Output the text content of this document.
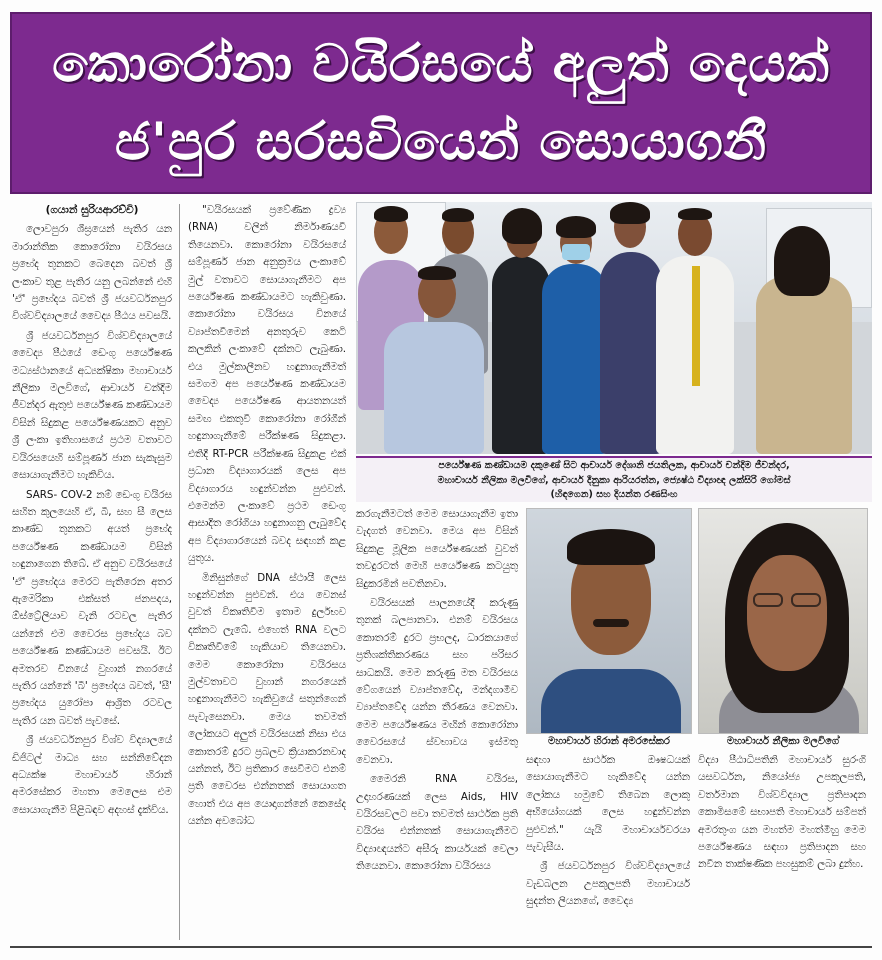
කොරෝනා වයිරසයේ අලුත් දෙයක්
ජ'පුර සරසවියෙන් සොයාගනී
(ගයාන් සුරියආරච්චි)

ලොවපුරා ශීඝ්‍රයෙන් පැතිර යන මාරාන්තික කොරෝනා වයිරසය ප්‍රභේද තුනකට බෙදෙන බවත් ශ්‍රී ලංකාව තුළ පැතිර යනු ලබන්නේ එහි 'ඒ' ප්‍රභේදය බවත් ශ්‍රී ජයවර්ධනපුර විශ්වවිද්‍යාලයේ වෛද්‍ය පීඨය පවසයි.

ශ්‍රී ජයවර්ධනපුර විශ්වවිද්‍යාලයේ වෛද්‍ය පීඨයේ ඩෙංගු පර්යේෂණ මධ්‍යස්ථානයේ අධ්‍යක්ෂිකා මහාචාර්ය නීලිකා මලවිගේ, ආචාර්ය චන්දිම ජීවන්දර ඇතුළු පර්යේෂණ කණ්ඩායම විසින් සිදුකළ පර්යේෂණයකට අනුව ශ්‍රී ලංකා ඉතිහාසයේ ප්‍රථම වතාවට වයිරසයෙහි සම්පූර්ණ ජාන සැකැසුම සොයාගැනීමට හැකිවිය.

SARS- COV-2 නම් ඩෙංගු වයිරස සහිත කුලයෙහි ඒ, බී, සහ සී ලෙස කාණ්ඩ තුනකට අයත් ප්‍රභේද පර්යේෂණ කණ්ඩායම විසින් හඳුනාගෙන තිබේ. ඒ අනුව වයිරසයේ 'ඒ' ප්‍රභේදය මෙරට පැතිරෙන අතර ඇමෙරිකා එක්සත් ජනපදය, ඕස්ට්‍රේලියාව වැනි රටවල පැතිර යන්නේ එම වෛරස ප්‍රභේදය බව පර්යේෂණ කණ්ඩායම පවසයි. ඊට අමතරව චීනයේ වුහාන් නගරයේ පැතිර යන්නේ 'බී' ප්‍රභේදය බවත්, 'සී' ප්‍රභේදය යුරෝපා ආශ්‍රිත රටවල පැතිර යන බවත් පැවසේ.

ශ්‍රී ජයවර්ධනපුර විශ්ව විද්‍යාලයේ ඩිජිටල් මාධ්‍ය සහ සන්නිවේදන අධ්‍යක්ෂ මහාචාර්ය හිරාන් අමරසේකර මහතා මෙලෙස එම සොයාගැනීම පිළිබඳව අදහස් දැක්විය.

"වයිරසයක් ප්‍රවේණික ද්‍රව්‍ය (RNA) වලින් නිර්මාණයවී තියෙනවා. කොරෝනා වයිරසයේ සම්පූර්ණ ජාන අනුක්‍රමය ලංකාවේ මුල් වතාවට සොයාගැනීමට අප පර්යේෂණ කණ්ඩායමට හැකිවුණා. කොරෝනා වයිරසය විනයේ ව්‍යාප්තවීමෙන් අනතුරුව කෙටි කලකින් ලංකාවේ දක්නට ලැබුණා. එය මුල්කාලීනව හඳුනාගැනීමත් සමගම අප පර්යේෂණ කණ්ඩායම වෛද්‍ය පර්යේෂණ ආයතනයත් සමඟ එකතුවී කොරෝනා රෝගීන් හඳුනාගැනීමේ පරීක්ෂණ සිදුකළා. එතිදී RT-PCR පරීක්ෂණ සිදුකළ එක් ප්‍රධාන විද්‍යාගාරයක් ලෙස අප විද්‍යාගාරය හඳුන්වන්න පුළුවන්. එමෙන්ම ලංකාවේ ප්‍රථම ඩෙංගු ආසාදිත රෝගියා හඳුනාගනු ලැබුවේද අප විද්‍යාගාරයෙන් බවද සඳහන් කළ යුතුය.

මිනිසුන්ගේ DNA ස්ථායී ලෙස හඳුන්වන්න පුළුවන්. එය වෙනස් වුවත් විකෘතිවීම ඉතාම දුර්ලභව දක්නට ලැබේ. එහෙත් RNA වලට විකෘතිවීමේ හැකියාව තියෙනවා. මෙම කොරෝනා වයිරසය මුල්වතාවට වුහාන් නගරයෙන් හඳුනාගැනීමට හැකිවුයේ සතුන්ගෙන් පැවැසෙනවා. මෙය තවමත් ලෝකයට අලුත් වයිරසයක් නිසා එය කොතරම් දුරට ප්‍රබලව ක්‍රියාකරනවාද යන්නත්, ඊට ප්‍රතිකාර සෙවීමට එනම් ප්‍රති වෛරස එන්නතක් සොයාගත හොත් එය අප යොදාගන්නේ කෙසේද යන්න අවබෝධ

පර්යේෂණ කණ්ඩායම දකුණේ සිට ආචාර්ය දේශානි ජයතිලක, ආචාර්ය චන්දිම ජීවන්දර,
මහාචාර්ය නීලිකා මලවිගේ, ආචාර්ය දීනුකා ආරියරත්න, ජ්‍යෙෂ්ඨ විද්‍යාඥ ලක්සිරි ගෝමස්
(හිඳගෙන) සහ දියන්ත රණසිංහ

කරගැනීමටත් මෙම සොයාගැනීම ඉතා වැදගත් වෙනවා. මෙය අප විසින් සිදුකළ මූලික පර්යේෂණයක් වුවත් තවදුරටත් මෙහි පර්යේෂණ කටයුතු සිදුකරමින් පවතිනවා.

වයිරසයක් පාලනයේදී කරුණු තුනක් බලපානවා. එනම් වයිරසය කොතරම් දුරට ප්‍රභලද, ධාරකයාගේ ප්‍රතිශක්තිකරණය සහ පරිසර සාධකයි. මෙම කරුණු මත වයිරසය වේගයෙන් ව්‍යාප්තවේද, මන්දගාමීව ව්‍යාප්තවේද යන්න තීරණය වෙනවා. මෙම පර්යේෂණය මඟින් කොරෝනා වෛරසයේ ස්වභාවය ඉස්මතු වෙනවා.

මෛරනි RNA වයිරස, උදාහරණයක් ලෙස Aids, HIV වයිරසවලට පවා තවමත් සාර්ථක ප්‍රති වයිරස එන්නතක් සොයාගැනීමට විද්‍යාඥයන්ට අසීරු කාර්යයක් වෙලා තියෙනවා. කොරෝනා වයිරසය

මහාචාර්ය හිරාන් අමරසේකර	මහාචාර්ය නීලිකා මලවිගේ

සඳහා සාර්ථක ඖෂධයක් සොයාගැනීමට හැකිවේද යන්න ලෝකය හමුවේ තිබෙන ලොකු අභියෝගයක් ලෙස හඳුන්වන්න පුළුවන්." යැයි මහාචාර්යවරයා පැවැසීය.

ශ්‍රී ජයවර්ධනපුර විශ්වවිද්‍යාලයේ වැඩබලන උපකුලපති මහාචාර්ය සුදන්ත ලියනගේ, වෛද්‍ය

විද්‍යා පීඨාධිපතිනි මහාචාර්ය සුරංගි යසවර්ධන, නියෝජ්‍ය උපකුලපති, වර්තමාන විශ්වවිද්‍යාල ප්‍රතිපාදන කොමිසමේ සභාපති මහාචාර්ය සම්පත් අමරතුංග යන මහත්ම මහත්මීහු මෙම පර්යේෂණය සඳහා ප්‍රතිපාදන සහ නවීන තාක්ෂණික පහසුකම් ලබා දුන්හ.
